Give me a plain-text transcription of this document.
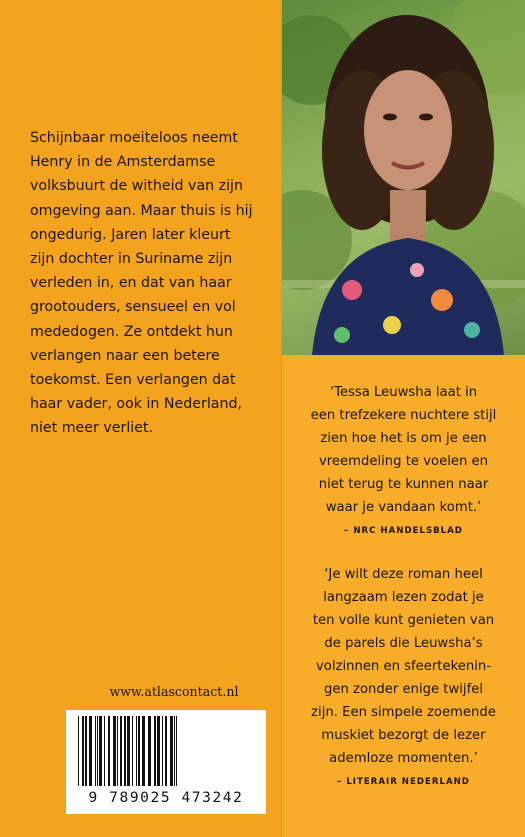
Schijnbaar moeiteloos neemt
Henry in de Amsterdamse
volksbuurt de witheid van zijn
omgeving aan. Maar thuis is hij
ongedurig. Jaren later kleurt
zijn dochter in Suriname zijn
verleden in, en dat van haar
grootouders, sensueel en vol
mededogen. Ze ontdekt hun
verlangen naar een betere
toekomst. Een verlangen dat
haar vader, ook in Nederland,
niet meer verliet.
‘Tessa Leuwsha laat in
een trefzekere nuchtere stijl
zien hoe het is om je een
vreemdeling te voelen en
niet terug te kunnen naar
waar je vandaan komt.’
– NRC HANDELSBLAD
‘Je wilt deze roman heel
langzaam lezen zodat je
ten volle kunt genieten van
de parels die Leuwsha’s
volzinnen en sfeertekenin-
gen zonder enige twijfel
zijn. Een simpele zoemende
muskiet bezorgt de lezer
ademloze momenten.’
– LITERAIR NEDERLAND
www.atlascontact.nl
9 789025 473242
